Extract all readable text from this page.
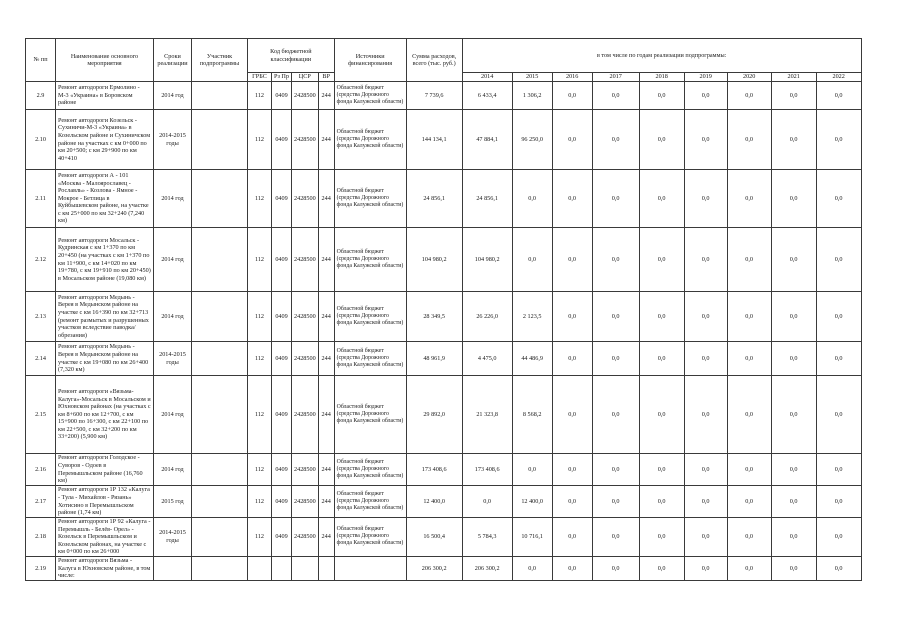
№ пп	Наименование основного мероприятия	Сроки реализации	Участник подпрограммы	Код бюджетной классификации				Источники финансирования	Сумма расходов, всего (тыс. руб.)	в том числе по годам реализации подпрограммы:								
				ГРБС	Рз Пр	ЦСР	ВР			2014	2015	2016	2017	2018	2019	2020	2021	2022
2.9	Ремонт автодороги Ермолино - М-3 «Украина» в Боровском районе	2014 год		112	0409	2428500	244	Областной бюджет (средства Дорожного фонда Калужской области)	7 739,6	6 433,4	1 306,2	0,0	0,0	0,0	0,0	0,0	0,0	0,0
2.10	Ремонт автодороги Козельск - Сухиничи-М-3 «Украина» в Козельском районе и Сухиничском районе на участках с км 0+000 по км 20+500; с км 29+900 по км 40+410	2014-2015 годы		112	0409	2428500	244	Областной бюджет (средства Дорожного фонда Калужской области)	144 134,1	47 884,1	96 250,0	0,0	0,0	0,0	0,0	0,0	0,0	0,0
2.11	Ремонт автодороги А - 101 «Москва - Малоярославец - Рославль» - Козлова - Ямное - Мокрое - Бетлица в Куйбышевском районе, на участке с км 25+000 по км 32+240 (7,240 км)	2014 год		112	0409	2428500	244	Областной бюджет (средства Дорожного фонда Калужской области)	24 856,1	24 856,1	0,0	0,0	0,0	0,0	0,0	0,0	0,0	0,0
2.12	Ремонт автодороги Мосальск - Кудринская с км 1+370 по км 20+450 (на участках с км 1+370 по км 11+900, с км 14+020 по км 19+780, с км 19+910 по км 20+450) в Мосальском районе (19,080 км)	2014 год		112	0409	2428500	244	Областной бюджет (средства Дорожного фонда Калужской области)	104 980,2	104 980,2	0,0	0,0	0,0	0,0	0,0	0,0	0,0	0,0
2.13	Ремонт автодороги Медынь - Верея в Медынском районе на участке с км 16+390 по км 32+713 (ремонт размытых и разрушенных участков вследствие паводка/обрезания)	2014 год		112	0409	2428500	244	Областной бюджет (средства Дорожного фонда Калужской области)	28 349,5	26 226,0	2 123,5	0,0	0,0	0,0	0,0	0,0	0,0	0,0
2.14	Ремонт автодороги Медынь - Верея в Медынском районе на участке с км 19+080 по км 26+400 (7,320 км)	2014-2015 годы		112	0409	2428500	244	Областной бюджет (средства Дорожного фонда Калужской области)	48 961,9	4 475,0	44 486,9	0,0	0,0	0,0	0,0	0,0	0,0	0,0
2.15	Ремонт автодороги «Вязьма-Калуга»-Мосальск в Мосальском и Юхновском районах (на участках с км 8+600 по км 12+700, с км 15+900 по 16+300, с км 22+100 по км 22+500, с км 32+200 по км 33+200) (5,900 км)	2014 год		112	0409	2428500	244	Областной бюджет (средства Дорожного фонда Калужской области)	29 892,0	21 323,8	8 568,2	0,0	0,0	0,0	0,0	0,0	0,0	0,0
2.16	Ремонт автодороги Голодское - Суворов - Одоев в Перемышльском районе (16,760 км)	2014 год		112	0409	2428500	244	Областной бюджет (средства Дорожного фонда Калужской области)	173 408,6	173 408,6	0,0	0,0	0,0	0,0	0,0	0,0	0,0	0,0
2.17	Ремонт автодороги 1Р 132 «Калуга - Тула - Михайлов - Рязань» Хотисино в Перемышльском районе (1,74 км)	2015 год		112	0409	2428500	244	Областной бюджет (средства Дорожного фонда Калужской области)	12 400,0	0,0	12 400,0	0,0	0,0	0,0	0,0	0,0	0,0	0,0
2.18	Ремонт автодороги 1Р 92 «Калуга - Перемышль - Белёв- Орел» - Козельск в Перемышльском и Козельском районах, на участке с км 0+000 по км 26+000	2014-2015 годы		112	0409	2428500	244	Областной бюджет (средства Дорожного фонда Калужской области)	16 500,4	5 784,3	10 716,1	0,0	0,0	0,0	0,0	0,0	0,0	0,0
2.19	Ремонт автодороги Вязьма - Калуга в Юхновском районе, в том числе:								206 300,2	206 300,2	0,0	0,0	0,0	0,0	0,0	0,0	0,0	0,0
